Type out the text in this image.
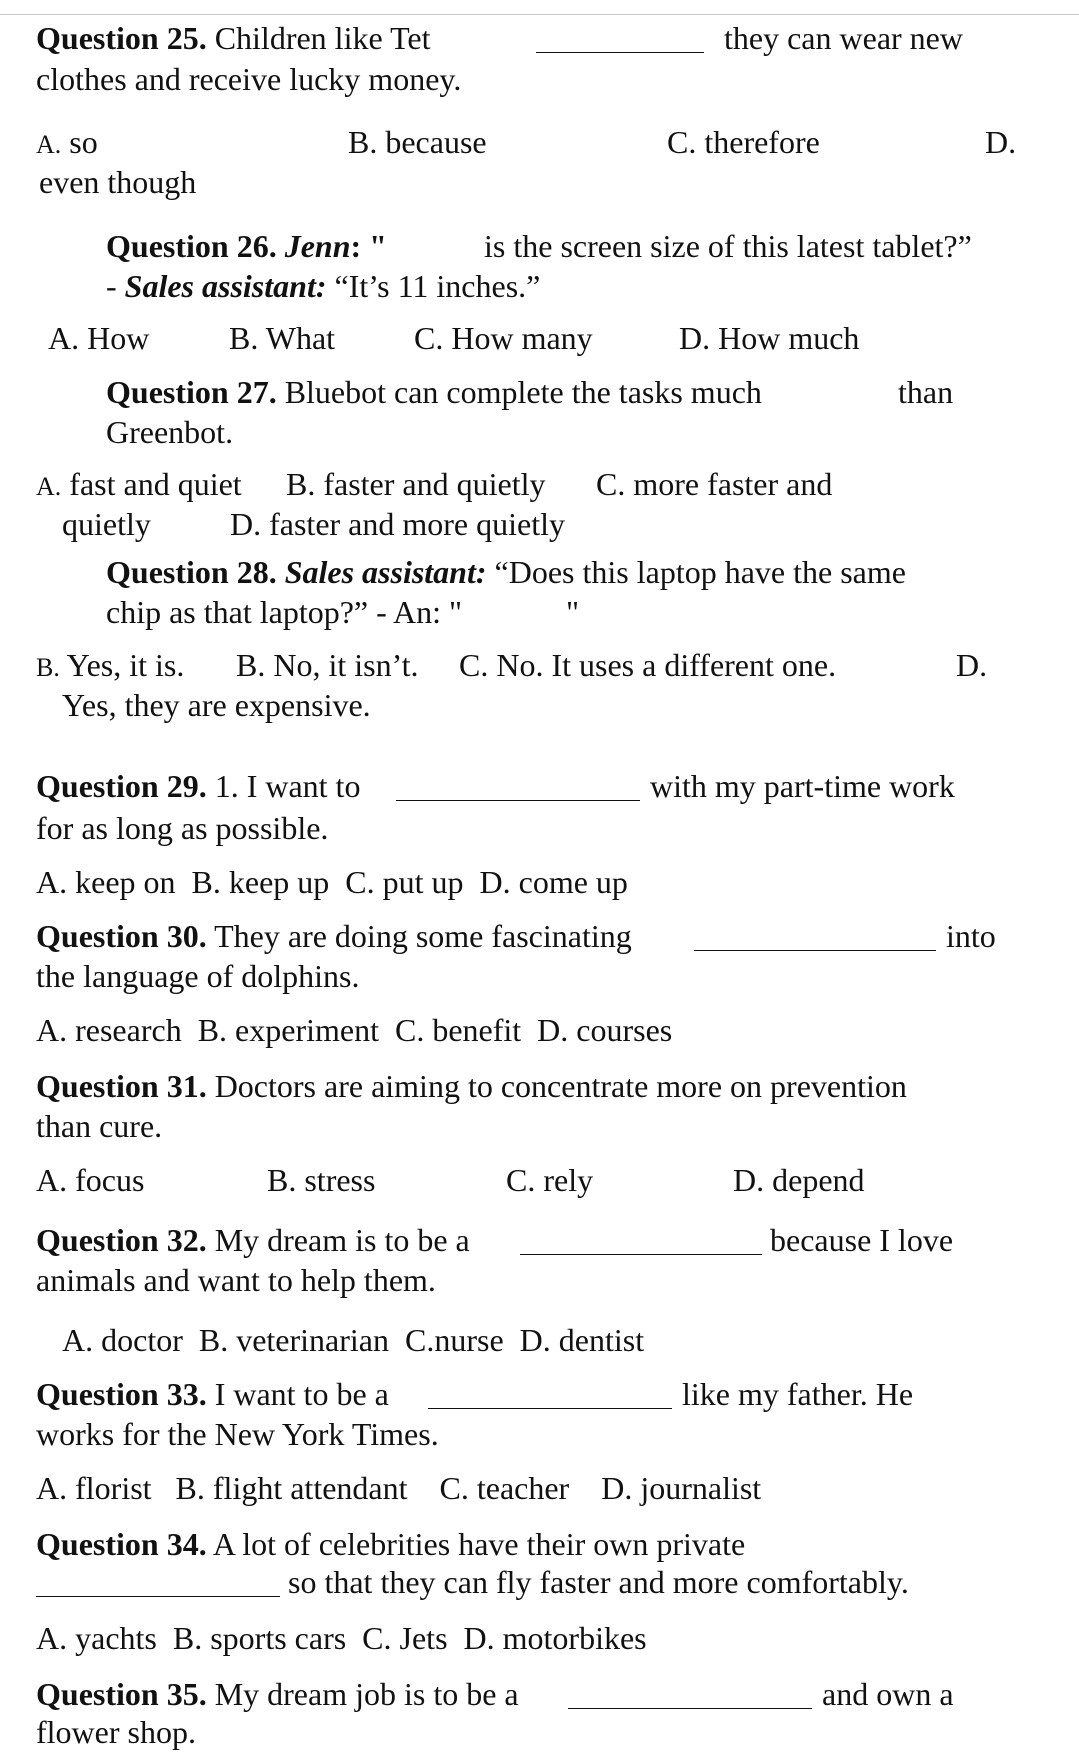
Question 25. Children like Tet	they can wear new
clothes and receive lucky money.
A. so	B. because	C. therefore	D.
even though
Question 26. Jenn: "	is the screen size of this latest tablet?”
- Sales assistant: “It’s 11 inches.”
A. How B. What C. How many	D. How much
Question 27. Bluebot can complete the tasks much	than
Greenbot.
A. fast and quiet B. faster and quietly C. more faster and
quietly D. faster and more quietly
Question 28. Sales assistant: “Does this laptop have the same
chip as that laptop?” - An: "	"
B. Yes, it is. B. No, it isn’t. C. No. It uses a different one.	D.
Yes, they are expensive.
Question 29. 1. I want to	with my part-time work
for as long as possible.
A. keep on  B. keep up  C. put up  D. come up
Question 30. They are doing some fascinating	into
the language of dolphins.
A. research  B. experiment  C. benefit  D. courses
Question 31. Doctors are aiming to concentrate more on prevention
than cure.
A. focus	B. stress	C. rely	D. depend
Question 32. My dream is to be a	because I love
animals and want to help them.
A. doctor  B. veterinarian  C.nurse  D. dentist
Question 33. I want to be a	like my father. He
works for the New York Times.
A. florist   B. flight attendant    C. teacher    D. journalist
Question 34. A lot of celebrities have their own private
so that they can fly faster and more comfortably.
A. yachts  B. sports cars  C. Jets  D. motorbikes
Question 35. My dream job is to be a	and own a
flower shop.
